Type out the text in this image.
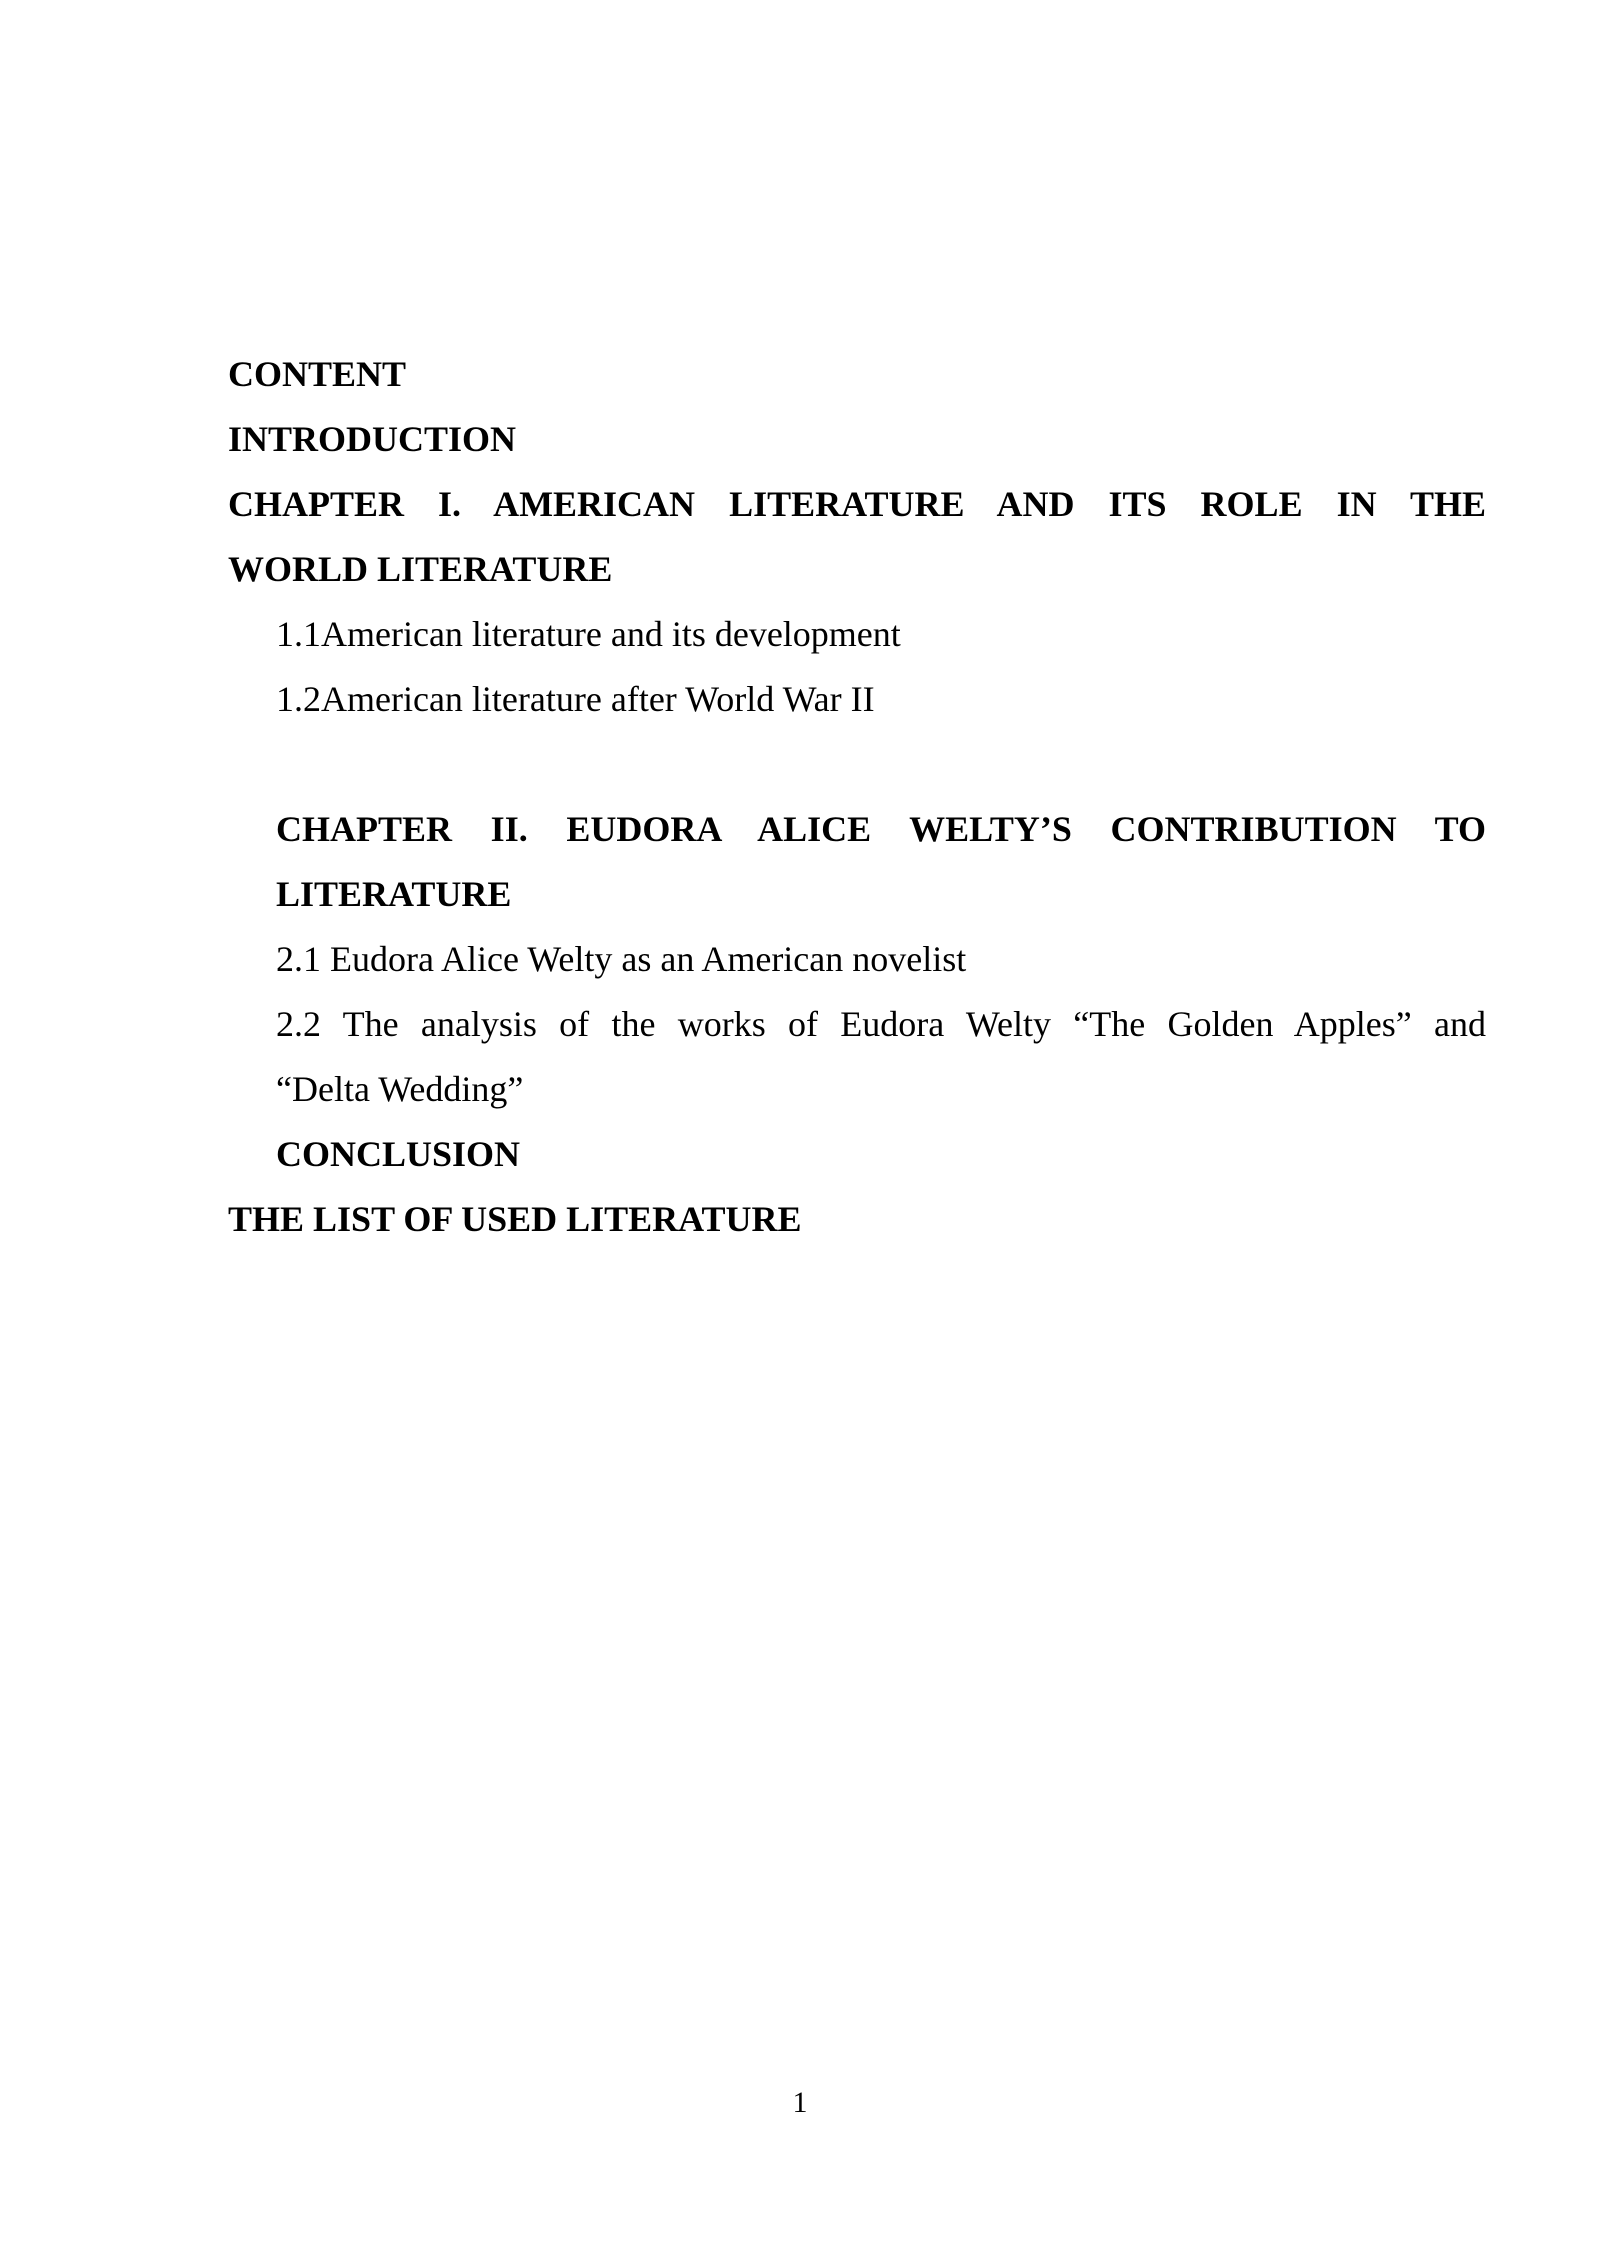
CONTENT
INTRODUCTION
CHAPTER I. AMERICAN LITERATURE AND ITS ROLE IN THE
WORLD LITERATURE
1.1American literature and its development
1.2American literature after World War II
CHAPTER II. EUDORA ALICE WELTY’S CONTRIBUTION TO
LITERATURE
2.1 Eudora Alice Welty as an American novelist
2.2 The analysis of the works of Eudora Welty “The Golden Apples” and
“Delta Wedding”
CONCLUSION
THE LIST OF USED LITERATURE
1
